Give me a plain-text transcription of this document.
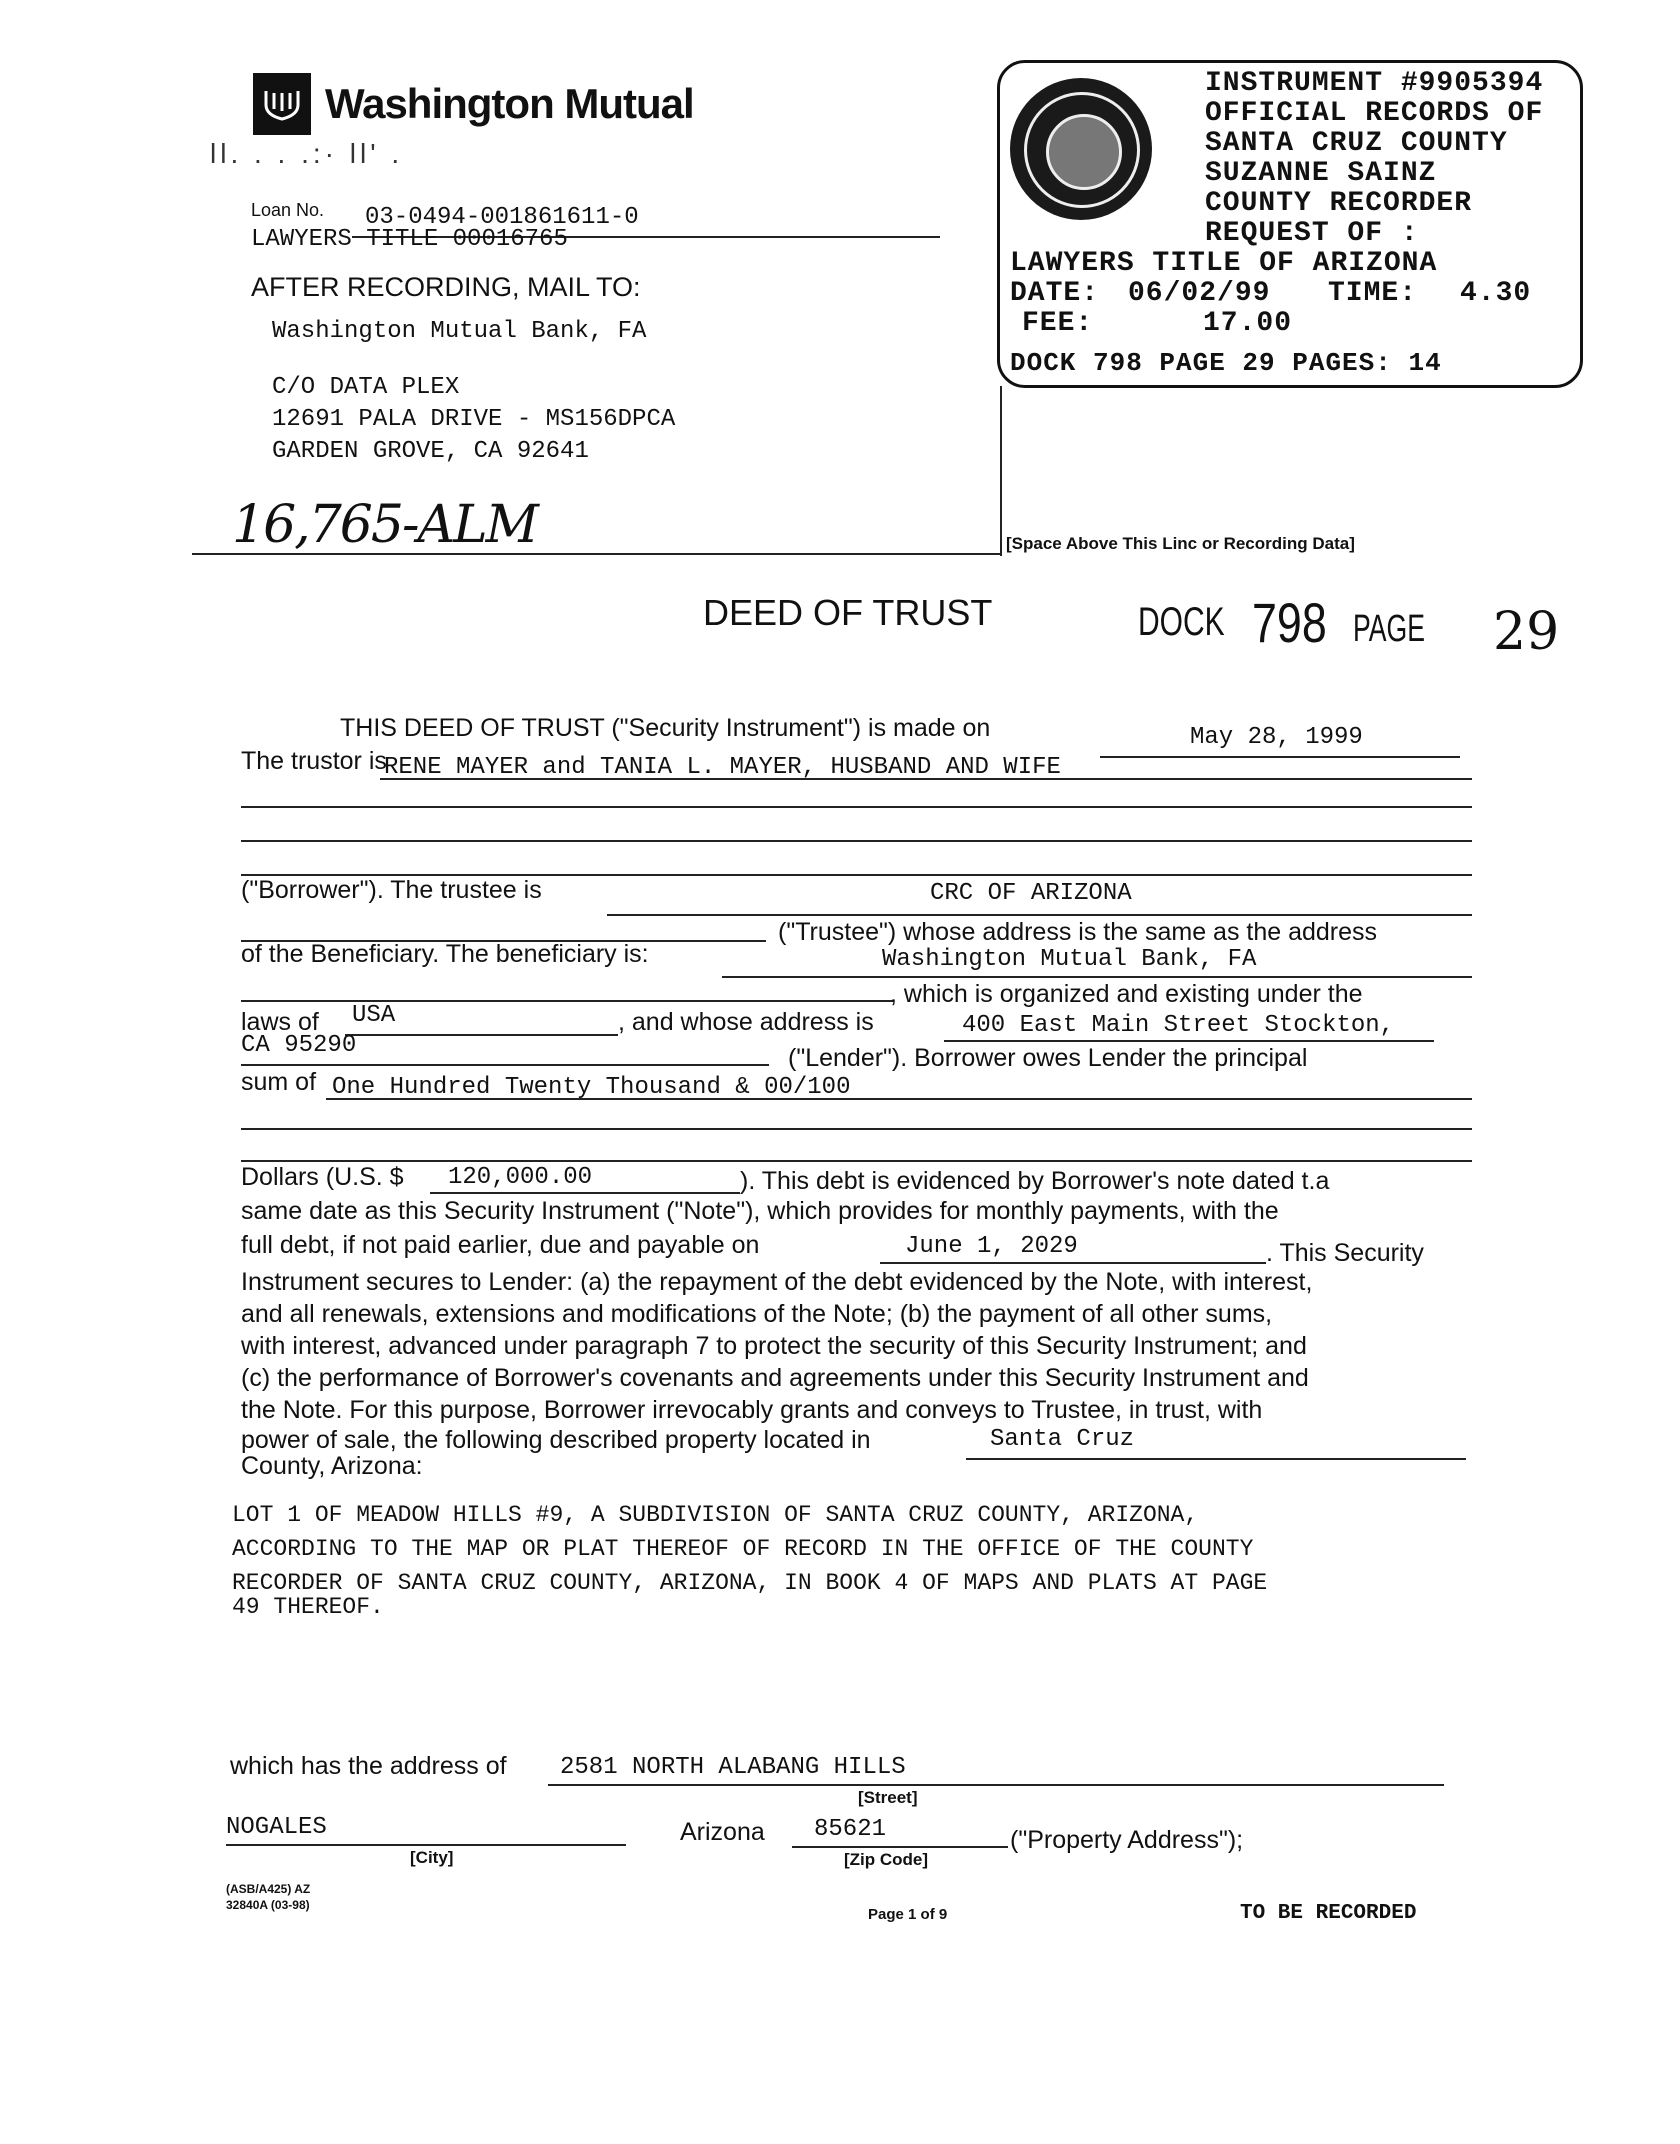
Washington Mutual
ll. . . .:· ll' .
Loan No. 03-0494-001861611-0
LAWYERS TITLE 00016765
AFTER RECORDING, MAIL TO:
Washington Mutual Bank, FA
C/O DATA PLEX
12691 PALA DRIVE - MS156DPCA
GARDEN GROVE, CA 92641
16,765-ALM	[Space Above This Linc or Recording Data]
INSTRUMENT #9905394
OFFICIAL RECORDS OF
SANTA CRUZ COUNTY
SUZANNE SAINZ
COUNTY RECORDER
REQUEST OF :
LAWYERS TITLE OF ARIZONA
DATE: 06/02/99 TIME: 4.30
FEE:	17.00
DOCK 798 PAGE 29 PAGES: 14
DEED OF TRUST	DOCK 798 PAGE 29
THIS DEED OF TRUST ("Security Instrument") is made on	May 28, 1999
The trustor is
RENE MAYER and TANIA L. MAYER, HUSBAND AND WIFE
("Borrower"). The trustee is	CRC OF ARIZONA
("Trustee") whose address is the same as the address
of the Beneficiary. The beneficiary is:	Washington Mutual Bank, FA
, which is organized and existing under the
laws of USA	, and whose address is	400 East Main Street Stockton,
CA 95290	("Lender"). Borrower owes Lender the principal
sum of One Hundred Twenty Thousand & 00/100
Dollars (U.S. $ 120,000.00	). This debt is evidenced by Borrower's note dated t.a
same date as this Security Instrument ("Note"), which provides for monthly payments, with the
full debt, if not paid earlier, due and payable on	June 1, 2029	. This Security
Instrument secures to Lender: (a) the repayment of the debt evidenced by the Note, with interest,
and all renewals, extensions and modifications of the Note; (b) the payment of all other sums,
with interest, advanced under paragraph 7 to protect the security of this Security Instrument; and
(c) the performance of Borrower's covenants and agreements under this Security Instrument and
the Note. For this purpose, Borrower irrevocably grants and conveys to Trustee, in trust, with
power of sale, the following described property located in	Santa Cruz
County, Arizona:
LOT 1 OF MEADOW HILLS #9, A SUBDIVISION OF SANTA CRUZ COUNTY, ARIZONA,
ACCORDING TO THE MAP OR PLAT THEREOF OF RECORD IN THE OFFICE OF THE COUNTY
RECORDER OF SANTA CRUZ COUNTY, ARIZONA, IN BOOK 4 OF MAPS AND PLATS AT PAGE
49 THEREOF.
which has the address of 2581 NORTH ALABANG HILLS
[Street]
NOGALES
[City]
Arizona 85621
[Zip Code]
("Property Address");
(ASB/A425) AZ
32840A (03-98)
Page 1 of 9	TO BE RECORDED
